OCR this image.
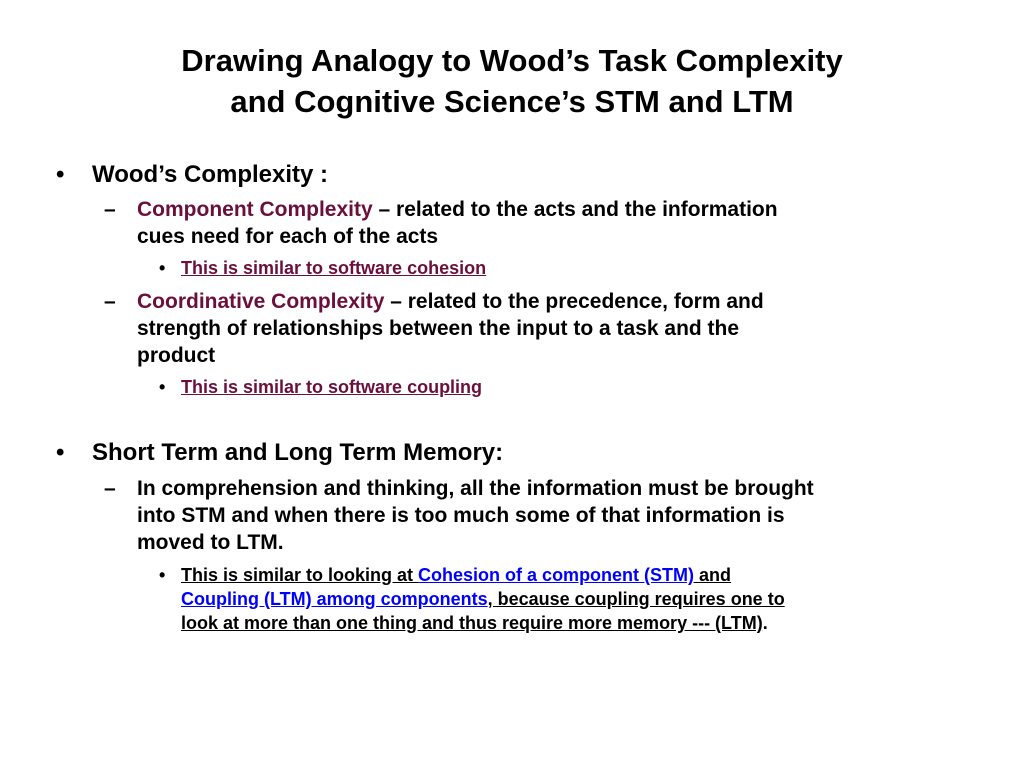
Drawing Analogy to Wood’s Task Complexity
and Cognitive Science’s STM and LTM
• Wood’s Complexity :
– Component Complexity – related to the acts and the information
cues need for each of the acts
• This is similar to software cohesion
– Coordinative Complexity – related to the precedence, form and
strength of relationships between the input to a task and the
product
• This is similar to software coupling
• Short Term and Long Term Memory:
– In comprehension and thinking, all the information must be brought
into STM and when there is too much some of that information is
moved to LTM.
• This is similar to looking at Cohesion of a component (STM) and
Coupling (LTM) among components, because coupling requires one to
look at more than one thing and thus require more memory --- (LTM).
